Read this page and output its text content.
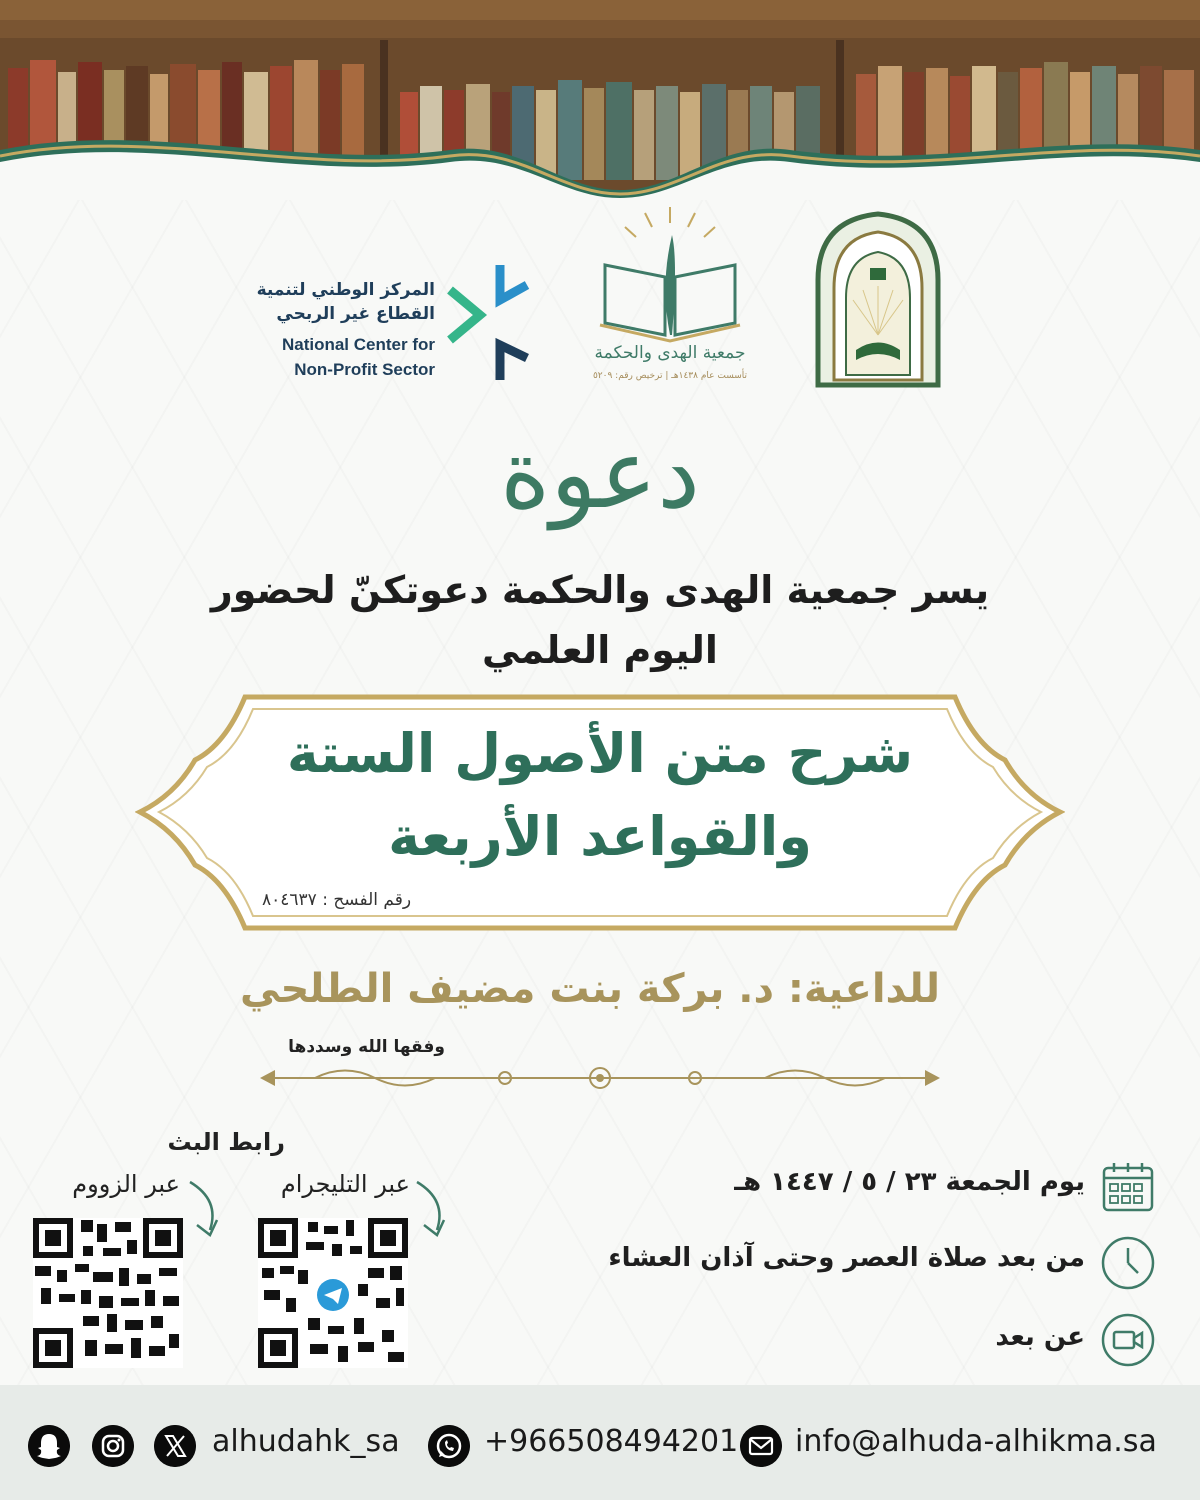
جمعية الهدى والحكمة
تأسست عام ١٤٣٨هـ | ترخيص رقم: ٥٢٠٩
المركز الوطني لتنمية
القطاع غير الربحي
National Center for
Non-Profit Sector
دعوة
يسر جمعية الهدى والحكمة دعوتكنّ لحضور
اليوم العلمي
شرح متن الأصول الستة
والقواعد الأربعة
رقم الفسح : ٨٠٤٦٣٧
للداعية: د. بركة بنت مضيف الطلحي
وفقها الله وسددها
يوم الجمعة ٢٣ / ٥ / ١٤٤٧ هـ
من بعد صلاة العصر وحتى آذان العشاء
عن بعد
رابط البث
عبر التليجرام
عبر الزووم
alhudahk_sa	+966508494201 info@alhuda-alhikma.sa
